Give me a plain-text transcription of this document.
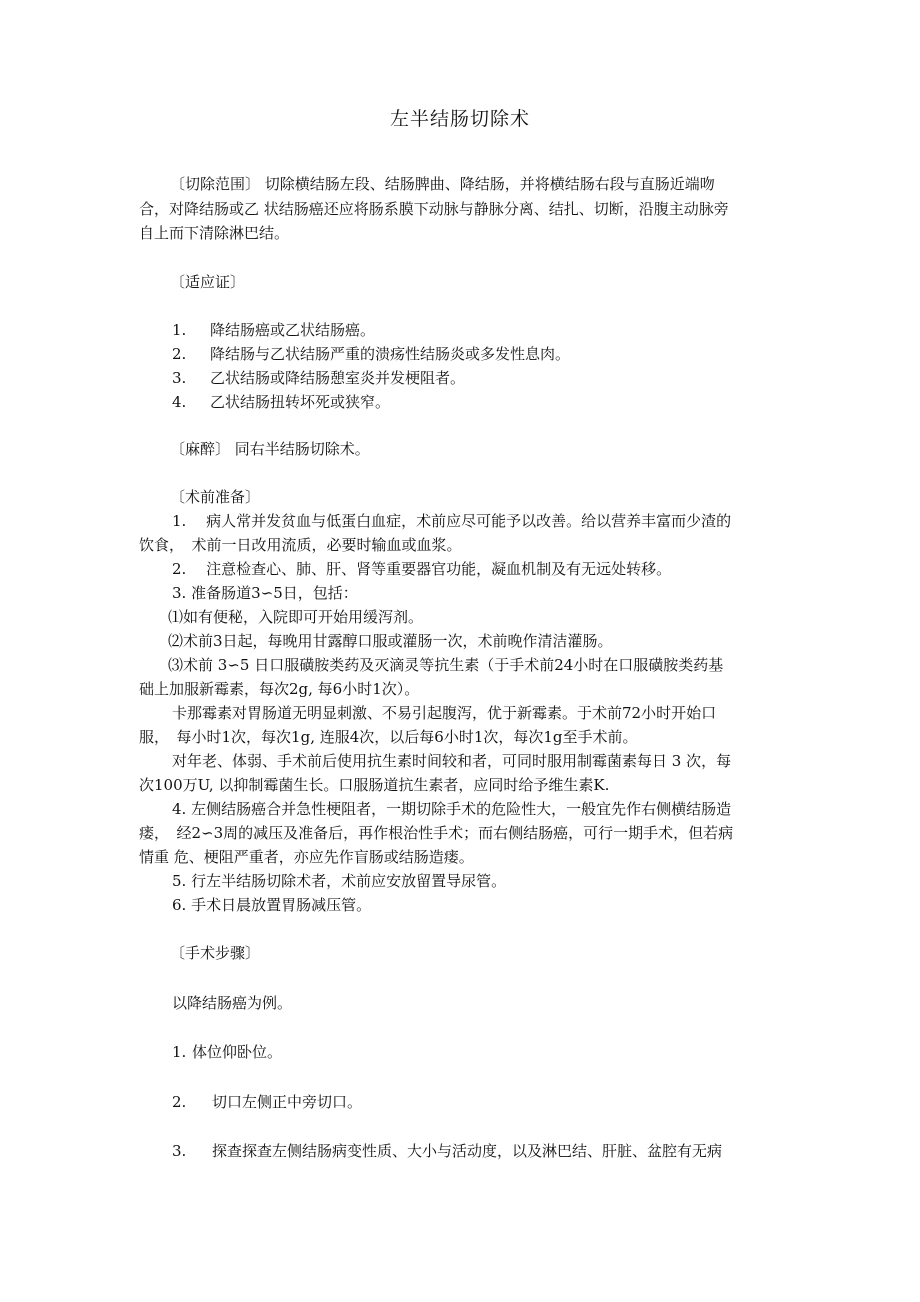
左半结肠切除术
〔切除范围〕 切除横结肠左段、结肠脾曲、降结肠，并将横结肠右段与直肠近端吻
合，对降结肠或乙 状结肠癌还应将肠系膜下动脉与静脉分离、结扎、切断，沿腹主动脉旁
自上而下清除淋巴结。
〔适应证〕
1. 降结肠癌或乙状结肠癌。
2. 降结肠与乙状结肠严重的溃疡性结肠炎或多发性息肉。
3. 乙状结肠或降结肠憩室炎并发梗阻者。
4. 乙状结肠扭转坏死或狭窄。
〔麻醉〕 同右半结肠切除术。
〔术前准备〕
1.　 病人常并发贫血与低蛋白血症，术前应尽可能予以改善。给以营养丰富而少渣的
饮食，　术前一日改用流质，必要时输血或血浆。
2.　 注意检查心、肺、肝、肾等重要器官功能，凝血机制及有无远处转移。
3. 准备肠道3∽5日，包括：
⑴如有便秘，入院即可开始用缓泻剂。
⑵术前3日起，每晚用甘露醇口服或灌肠一次，术前晚作清洁灌肠。
⑶术前 3∽5 日口服磺胺类药及灭滴灵等抗生素（于手术前24小时在口服磺胺类药基
础上加服新霉素，每次2g, 每6小时1次）。
卡那霉素对胃肠道无明显刺激、不易引起腹泻，优于新霉素。于术前72小时开始口
服，　每小时1次，每次1g, 连服4次，以后每6小时1次，每次1g至手术前。
对年老、体弱、手术前后使用抗生素时间较和者，可同时服用制霉菌素每日 3 次，每
次100万U, 以抑制霉菌生长。口服肠道抗生素者，应同时给予维生素K.
4. 左侧结肠癌合并急性梗阻者，一期切除手术的危险性大，一般宜先作右侧横结肠造
瘘，　经2∽3周的减压及准备后，再作根治性手术；而右侧结肠癌，可行一期手术，但若病
情重 危、梗阻严重者，亦应先作盲肠或结肠造瘘。
5. 行左半结肠切除术者，术前应安放留置导尿管。
6. 手术日晨放置胃肠减压管。
〔手术步骤〕
以降结肠癌为例。
1. 体位仰卧位。
2. 切口左侧正中旁切口。
3. 探查探查左侧结肠病变性质、大小与活动度，以及淋巴结、肝脏、盆腔有无病
